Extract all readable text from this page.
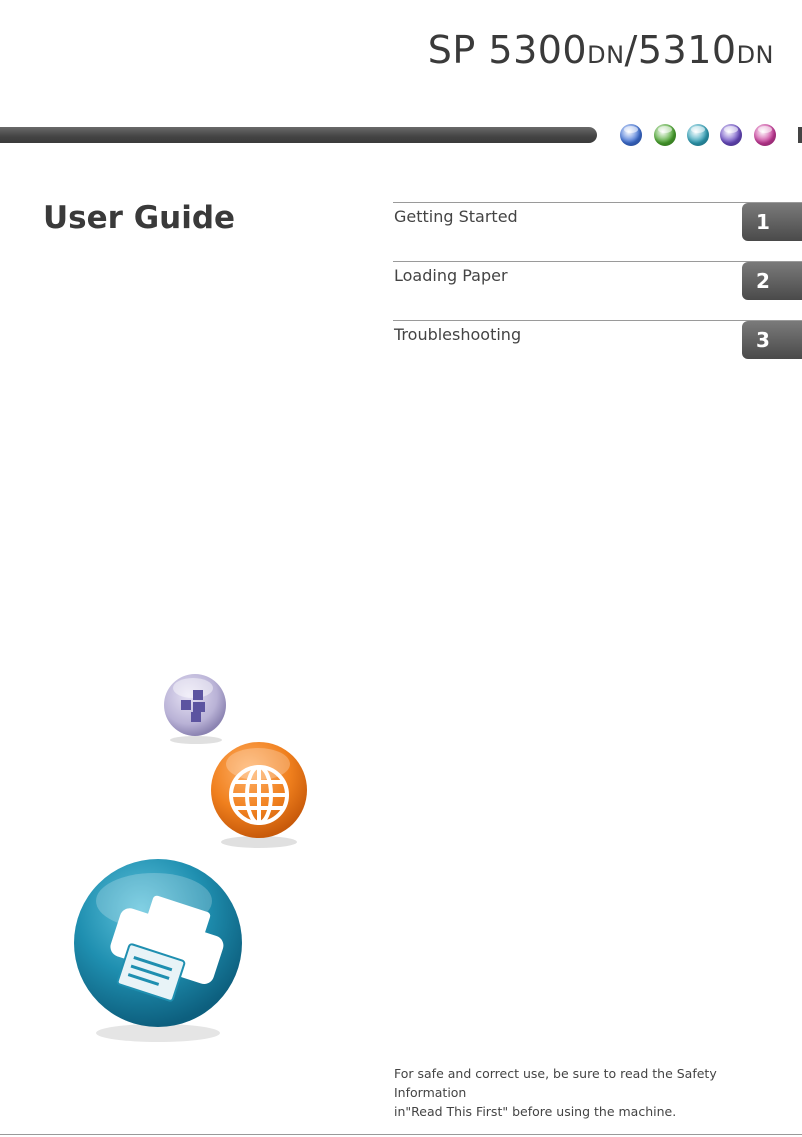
SP 5300DN/5310DN
User Guide	Getting Started	1
Loading Paper	2
Troubleshooting	3
For safe and correct use, be sure to read the Safety Information
in"Read This First" before using the machine.
